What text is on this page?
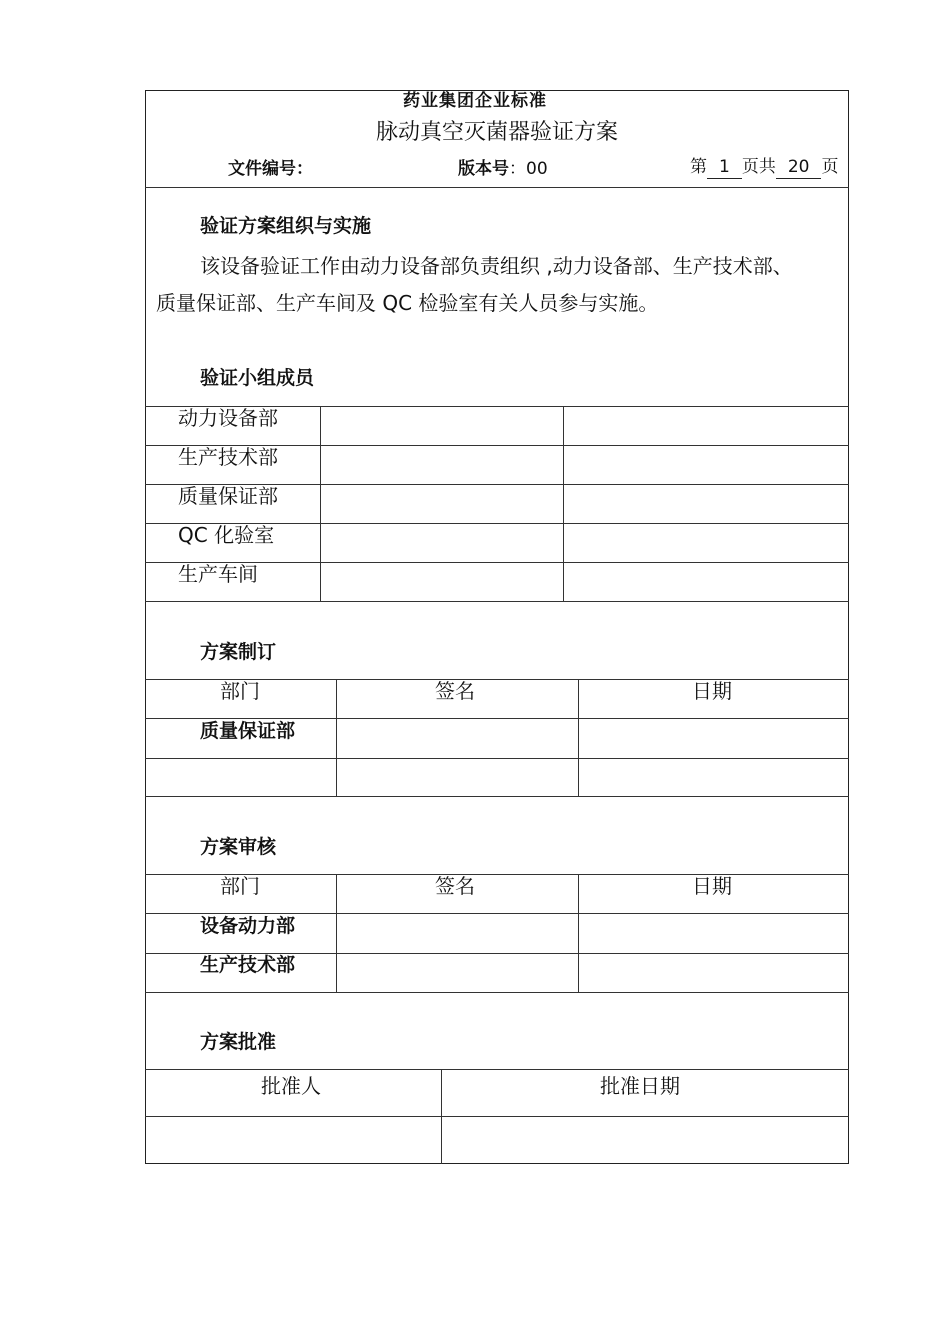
药业集团企业标准
脉动真空灭菌器验证方案
文件编号：	版本号：00	第 1 页共 20 页
验证方案组织与实施
该设备验证工作由动力设备部负责组织 ,动力设备部、生产技术部、
质量保证部、生产车间及 QC 检验室有关人员参与实施。
验证小组成员
动力设备部
生产技术部
质量保证部
QC 化验室
生产车间
方案制订
部门	签名	日期
质量保证部
方案审核
部门	签名	日期
设备动力部
生产技术部
方案批准
批准人	批准日期
